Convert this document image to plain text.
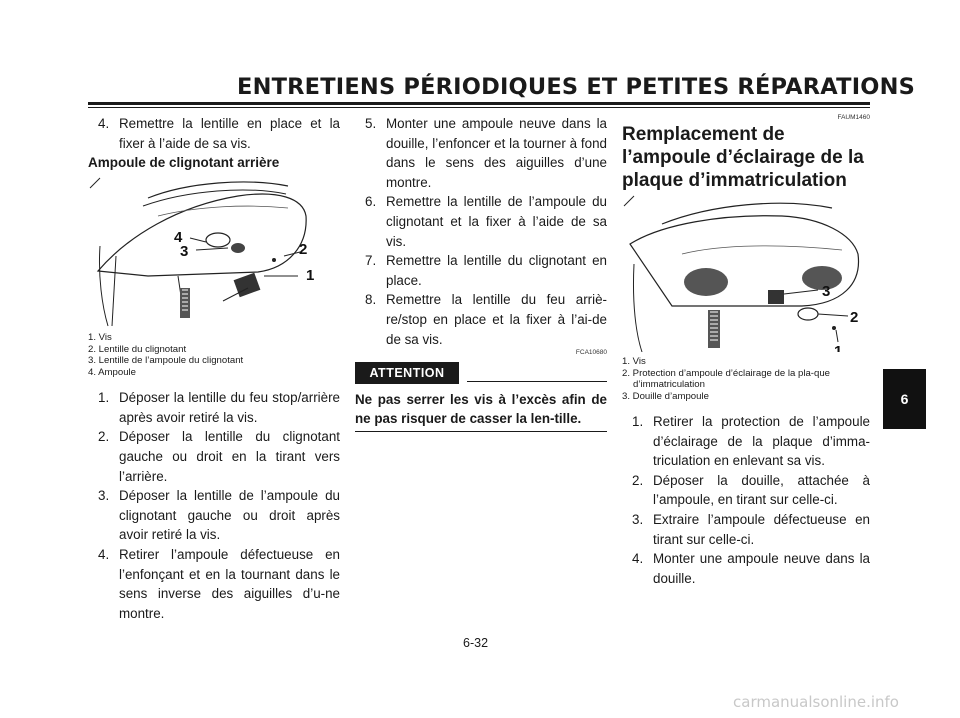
ENTRETIENS PÉRIODIQUES ET PETITES RÉPARATIONS
6
4. Remettre la lentille en place et la fixer à l’aide de sa vis.
Ampoule de clignotant arrière
4
3	2
1
1. Vis
2. Lentille du clignotant
3. Lentille de l’ampoule du clignotant
4. Ampoule
1. Déposer la lentille du feu stop/arrière après avoir retiré la vis.
2. Déposer la lentille du clignotant gauche ou droit en la tirant vers l’arrière.
3. Déposer la lentille de l’ampoule du clignotant gauche ou droit après avoir retiré la vis.
4. Retirer l’ampoule défectueuse en l’enfonçant et en la tournant dans le sens inverse des aiguilles d’u-ne montre.
5. Monter une ampoule neuve dans la douille, l’enfoncer et la tourner à fond dans le sens des aiguilles d’une montre.
6. Remettre la lentille de l’ampoule du clignotant et la fixer à l’aide de sa vis.
7. Remettre la lentille du clignotant en place.
8. Remettre la lentille du feu arriè-re/stop en place et la fixer à l’ai-de de sa vis.
FCA10680
ATTENTION
Ne pas serrer les vis à l’excès afin de ne pas risquer de casser la len-tille.
FAUM1460
Remplacement de l’ampoule d’éclairage de la plaque d’immatriculation
3
2
1
1. Vis
2. Protection d’ampoule d’éclairage de la pla-que d’immatriculation
3. Douille d’ampoule
1. Retirer la protection de l’ampoule d’éclairage de la plaque d’imma-triculation en enlevant sa vis.
2. Déposer la douille, attachée à l’ampoule, en tirant sur celle-ci.
3. Extraire l’ampoule défectueuse en tirant sur celle-ci.
4. Monter une ampoule neuve dans la douille.
6-32
carmanualsonline.info
